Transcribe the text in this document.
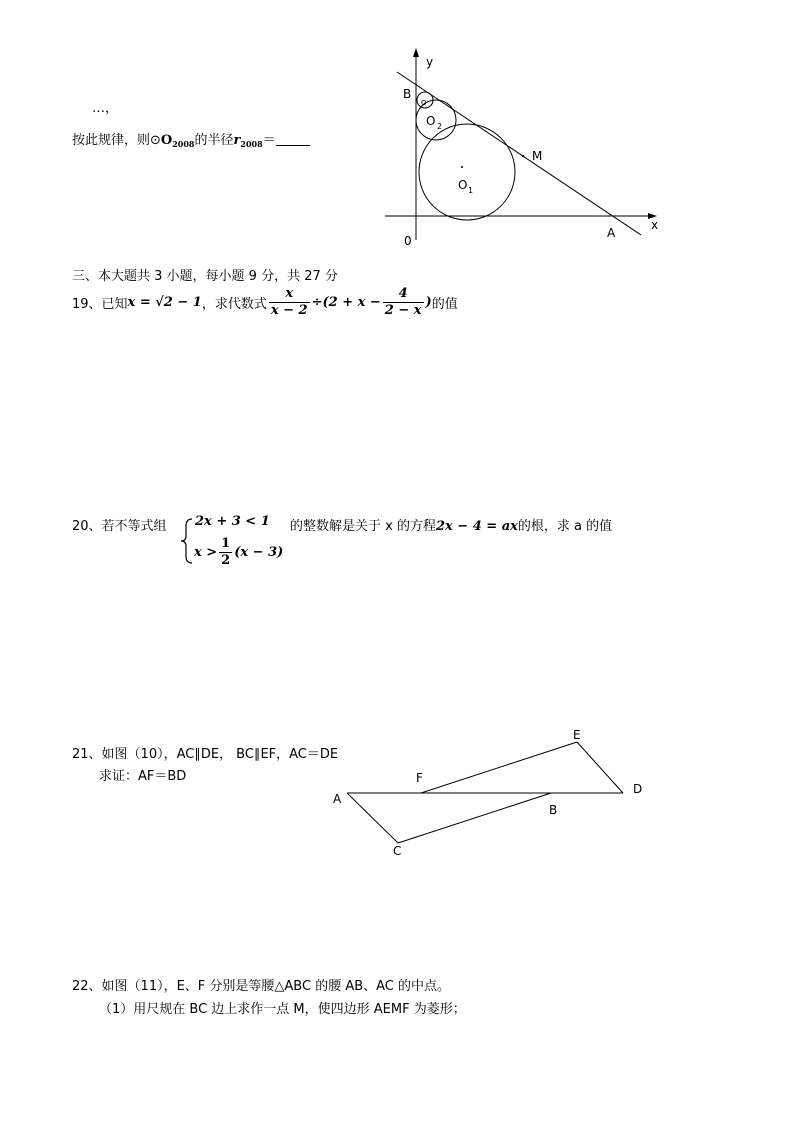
…，
按此规律，则$⊙O_{2008}$的半径$r_{2008}=$
y
x
B
M
A
0
O
O 2
O 1
三、本大题共 3 小题，每小题 9 分，共 27 分
19、已知 x = √2 − 1 ，求代数式 $\frac{x}{x - 2} \div(2 + x - \frac{4}{2 - x}$ ) 的值
20、若不等式组 2x + 3 < 1
$x > \frac{1}{2} (x - 3)$
的整数解是关于 x 的方程2x − 4 = ax的根，求 a 的值
21、如图（10），AC∥DE， BC∥EF，AC＝DE
求证：AF＝BD
A
B
C
D
E
F
22、如图（11），E、F 分别是等腰△ABC 的腰 AB、AC 的中点。
（1）用尺规在 BC 边上求作一点 M，使四边形 AEMF 为菱形；
